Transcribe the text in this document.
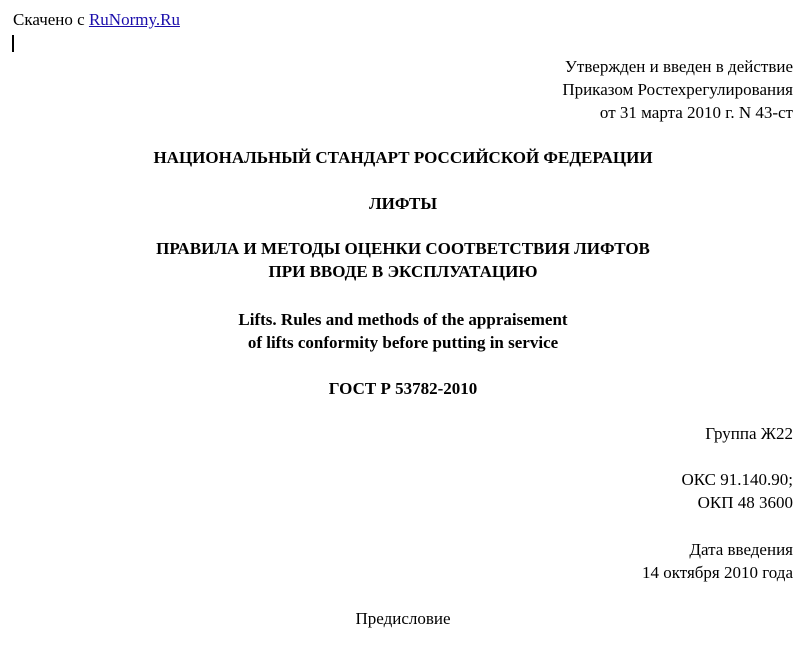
Скачено с RuNormy.Ru
Утвержден и введен в действие
Приказом Ростехрегулирования
от 31 марта 2010 г. N 43-ст
НАЦИОНАЛЬНЫЙ СТАНДАРТ РОССИЙСКОЙ ФЕДЕРАЦИИ
ЛИФТЫ
ПРАВИЛА И МЕТОДЫ ОЦЕНКИ СООТВЕТСТВИЯ ЛИФТОВ
ПРИ ВВОДЕ В ЭКСПЛУАТАЦИЮ
Lifts. Rules and methods of the appraisement
of lifts conformity before putting in service
ГОСТ Р 53782-2010
Группа Ж22
ОКС 91.140.90;
ОКП 48 3600
Дата введения
14 октября 2010 года
Предисловие
